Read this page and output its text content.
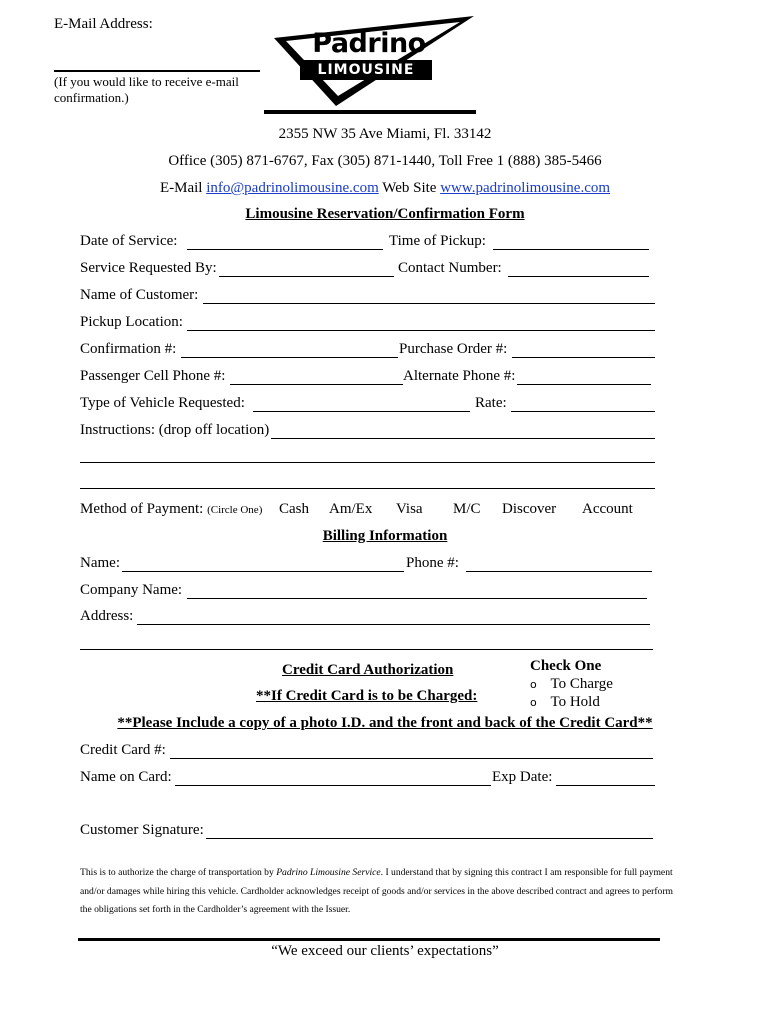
E-Mail Address:
(If you would like to receive e-mail
confirmation.)
Padrino
LIMOUSINE
2355 NW 35 Ave Miami, Fl. 33142
Office (305) 871-6767, Fax (305) 871-1440, Toll Free 1 (888) 385-5466
E-Mail info@padrinolimousine.com Web Site www.padrinolimousine.com
Limousine Reservation/Confirmation Form
Date of Service:	Time of Pickup:
Service Requested By:	Contact Number:
Name of Customer:
Pickup Location:
Confirmation #:	Purchase Order #:
Passenger Cell Phone #:	Alternate Phone #:
Type of Vehicle Requested:	Rate:
Instructions: (drop off location)
Method of Payment: (Circle One) Cash Am/Ex Visa M/C Discover Account
Billing Information
Name:	Phone #:
Company Name:
Address:
Credit Card Authorization
**If Credit Card is to be Charged:
Check One
o To Charge
o To Hold
**Please Include a copy of a photo I.D. and the front and back of the Credit Card**
Credit Card #:
Name on Card:	Exp Date:
Customer Signature:
This is to authorize the charge of transportation by Padrino Limousine Service. I understand that by signing this contract I am responsible for full payment and/or damages while hiring this vehicle. Cardholder acknowledges receipt of goods and/or services in the above described contract and agrees to perform the obligations set forth in the Cardholder’s agreement with the Issuer.
“We exceed our clients’ expectations”
